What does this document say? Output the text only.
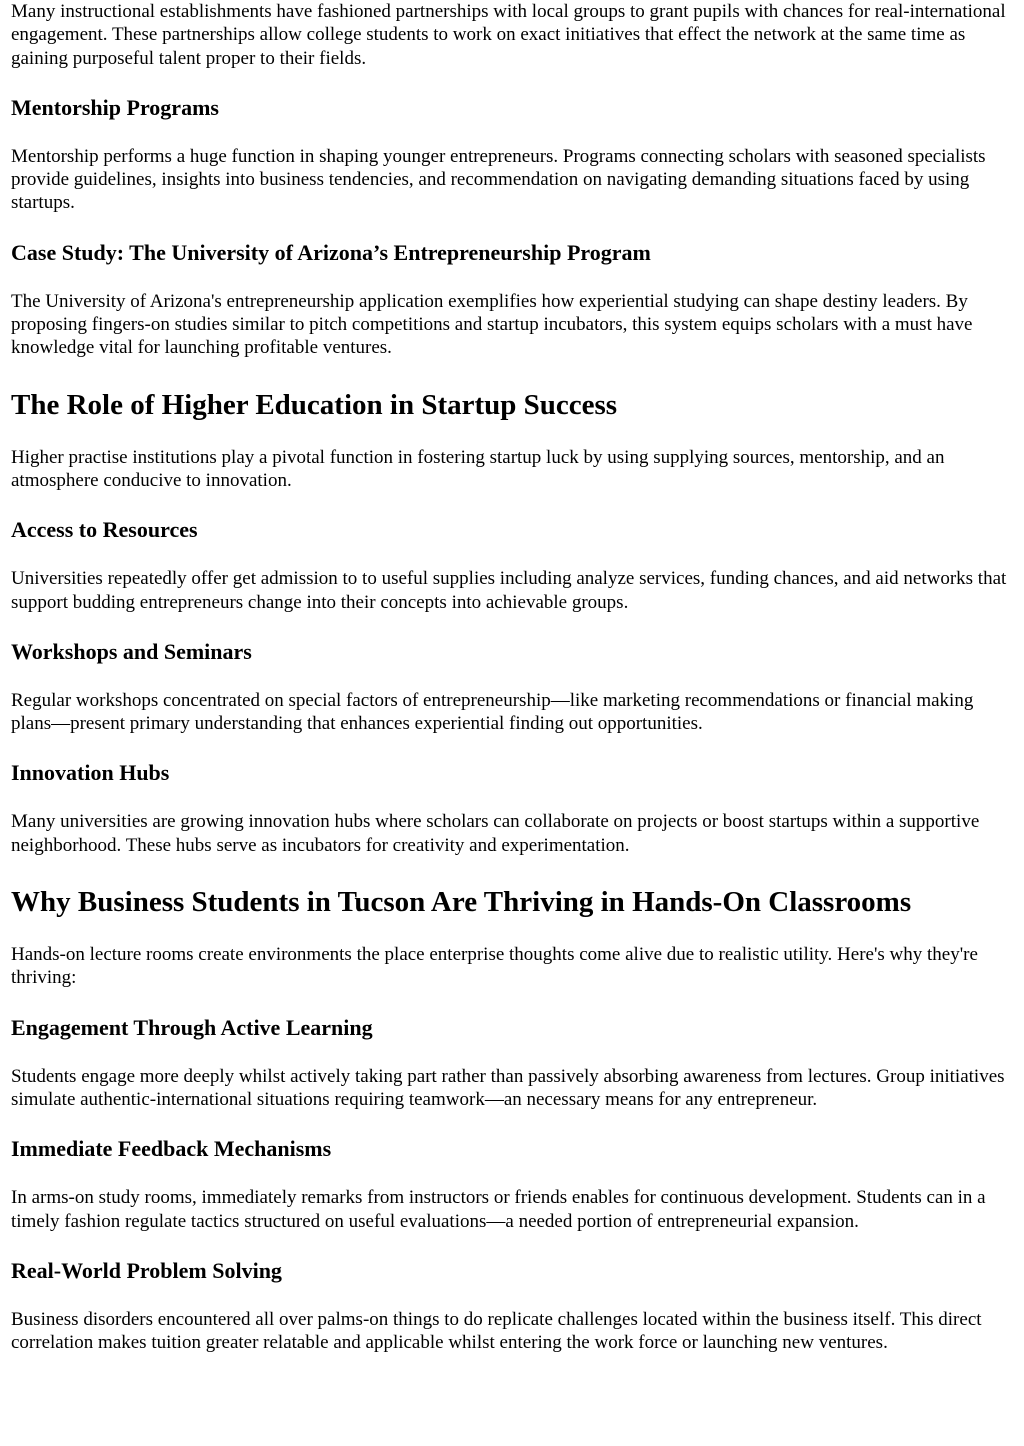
Many instructional establishments have fashioned partnerships with local groups to grant pupils with chances for real-international engagement. These partnerships allow college students to work on exact initiatives that effect the network at the same time as gaining purposeful talent proper to their fields.

Mentorship Programs

Mentorship performs a huge function in shaping younger entrepreneurs. Programs connecting scholars with seasoned specialists provide guidelines, insights into business tendencies, and recommendation on navigating demanding situations faced by using startups.

Case Study: The University of Arizona’s Entrepreneurship Program

The University of Arizona's entrepreneurship application exemplifies how experiential studying can shape destiny leaders. By proposing fingers-on studies similar to pitch competitions and startup incubators, this system equips scholars with a must have knowledge vital for launching profitable ventures.

The Role of Higher Education in Startup Success

Higher practise institutions play a pivotal function in fostering startup luck by using supplying sources, mentorship, and an atmosphere conducive to innovation.

Access to Resources

Universities repeatedly offer get admission to to useful supplies including analyze services, funding chances, and aid networks that support budding entrepreneurs change into their concepts into achievable groups.

Workshops and Seminars

Regular workshops concentrated on special factors of entrepreneurship—like marketing recommendations or financial making plans—present primary understanding that enhances experiential finding out opportunities.

Innovation Hubs

Many universities are growing innovation hubs where scholars can collaborate on projects or boost startups within a supportive neighborhood. These hubs serve as incubators for creativity and experimentation.

Why Business Students in Tucson Are Thriving in Hands-On Classrooms

Hands-on lecture rooms create environments the place enterprise thoughts come alive due to realistic utility. Here's why they're thriving:

Engagement Through Active Learning

Students engage more deeply whilst actively taking part rather than passively absorbing awareness from lectures. Group initiatives simulate authentic-international situations requiring teamwork—an necessary means for any entrepreneur.

Immediate Feedback Mechanisms

In arms-on study rooms, immediately remarks from instructors or friends enables for continuous development. Students can in a timely fashion regulate tactics structured on useful evaluations—a needed portion of entrepreneurial expansion.

Real-World Problem Solving

Business disorders encountered all over palms-on things to do replicate challenges located within the business itself. This direct correlation makes tuition greater relatable and applicable whilst entering the work force or launching new ventures.
